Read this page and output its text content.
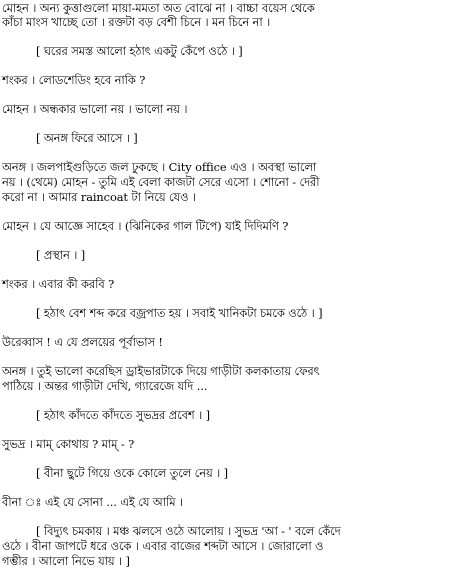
মোহন । অন্য কুত্তাগুলো মায়া-মমতা অত বোঝে না । বাচ্চা বয়েস থেকে
কাঁচা মাংস খাচ্ছে তো । রক্তটা বড় বেশী চিনে । মন চিনে না ।
[ ঘরের সমস্ত আলো হঠাৎ একটু কেঁপে ওঠে । ]
শংকর । লোডশেডিং হবে নাকি ?
মোহন । অন্ধকার ভালো নয় । ভালো নয় ।
[ অনঙ্গ ফিরে আসে । ]
অনঙ্গ । জলপাইগুড়িতে জল ঢুকছে । City office এও । অবস্থা ভালো
নয় । (থেমে) মোহন - তুমি এই বেলা কাজটা সেরে এসো । শোনো - দেরী
করো না । আমার raincoat টা নিয়ে যেও ।
মোহন । যে আজ্ঞে সাহেব । (ঝিনিকের গাল টিপে) যাই দিদিমণি ?
[ প্রস্থান । ]
শংকর । এবার কী করবি ?
[ হঠাৎ বেশ শব্দ করে বজ্রপাত হয় । সবাই খানিকটা চমকে ওঠে । ]
উরেব্বাস ! এ যে প্রলয়ের পূর্বাভাস !
অনঙ্গ । তুই ভালো করেছিস ড্রাইভারটাকে দিয়ে গাড়ীটা কলকাতায় ফেরৎ
পাঠিয়ে । অন্তর গাড়ীটা দেখি, গ্যারেজে যদি ...
[ হঠাৎ কাঁদতে কাঁদতে সুভদ্রর প্রবেশ । ]
সুভদ্র । মাম্ কোথায় ? মাম্ - ?
[ বীনা ছুটে গিয়ে ওকে কোলে তুলে নেয় । ]
বীনা ঃ এই যে সোনা ... এই যে আমি ।
[ বিদ্যুৎ চমকায় । মঞ্চ ঝলসে ওঠে আলোয় । সুভদ্র 'আ - ' বলে কেঁদে
ওঠে । বীনা জাপটে ধরে ওকে । এবার বাজের শব্দটা আসে । জোরালো ও
গম্ভীর । আলো নিভে যায় । ]
